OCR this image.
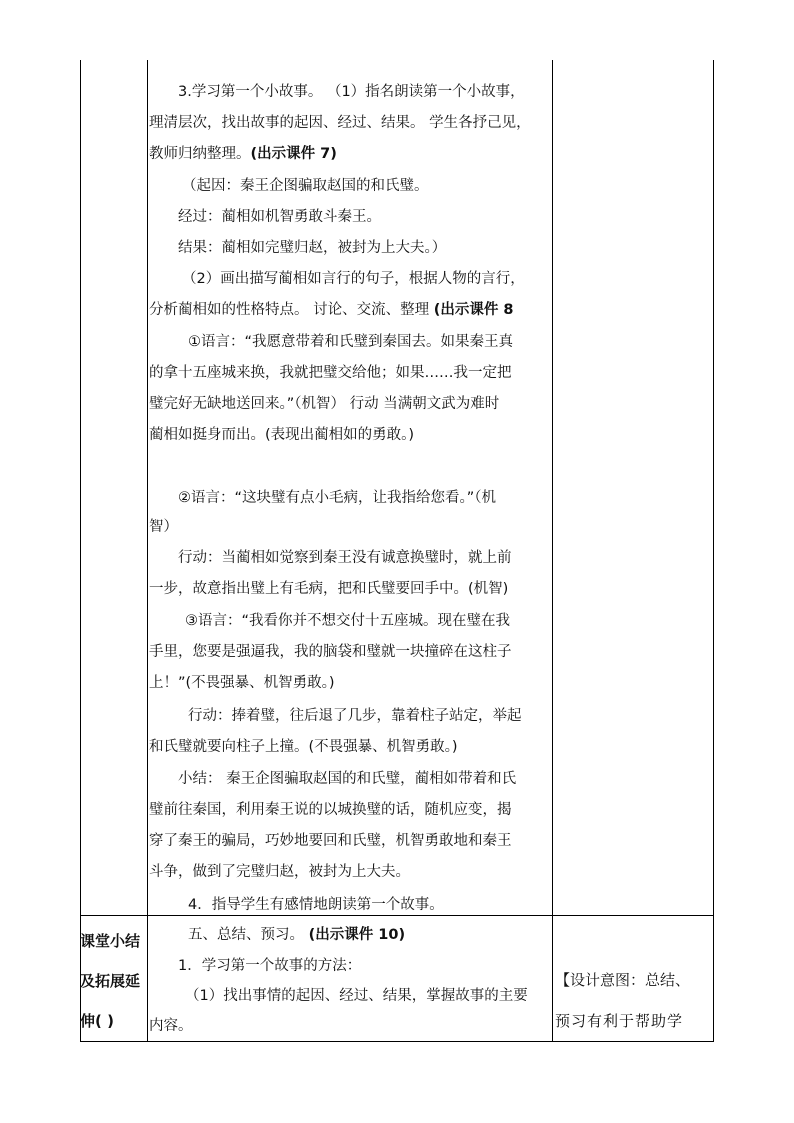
3.学习第一个小故事。 （1）指名朗读第一个小故事，
理清层次，找出故事的起因、经过、结果。 学生各抒己见，
教师归纳整理。(出示课件 7)
（起因：秦王企图骗取赵国的和氏璧。
经过：蔺相如机智勇敢斗秦王。
结果：蔺相如完璧归赵，被封为上大夫。）
（2）画出描写蔺相如言行的句子，根据人物的言行，
分析蔺相如的性格特点。 讨论、交流、整理 (出示课件 8
①语言：“我愿意带着和氏璧到秦国去。如果秦王真
的拿十五座城来换，我就把璧交给他；如果……我一定把
璧完好无缺地送回来。”（机智） 行动 当满朝文武为难时
蔺相如挺身而出。(表现出蔺相如的勇敢。)
②语言：“这块璧有点小毛病，让我指给您看。”（机
智）
行动：当蔺相如觉察到秦王没有诚意换璧时，就上前
一步，故意指出璧上有毛病，把和氏璧要回手中。(机智)
③语言：“我看你并不想交付十五座城。现在璧在我
手里，您要是强逼我，我的脑袋和璧就一块撞碎在这柱子
上！”(不畏强暴、机智勇敢。)
行动：捧着璧，往后退了几步，靠着柱子站定，举起
和氏璧就要向柱子上撞。(不畏强暴、机智勇敢。)
小结： 秦王企图骗取赵国的和氏璧，蔺相如带着和氏
璧前往秦国，利用秦王说的以城换璧的话，随机应变，揭
穿了秦王的骗局，巧妙地要回和氏璧，机智勇敢地和秦王
斗争，做到了完璧归赵，被封为上大夫。
4．指导学生有感情地朗读第一个故事。
课堂小结
及拓展延
伸( )
五、总结、预习。 (出示课件 10)
1．学习第一个故事的方法：
（1）找出事情的起因、经过、结果，掌握故事的主要
内容。
【设计意图：总结、
预习有利于帮助学
